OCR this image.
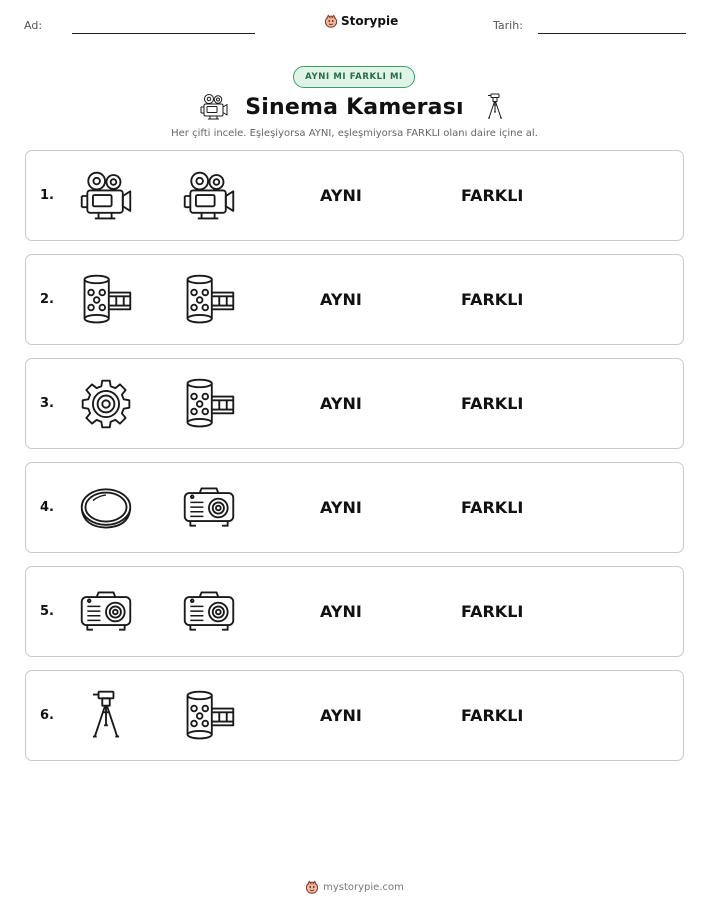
Ad:	Storypie	Tarih:
AYNI MI FARKLI MI
Sinema Kamerası
Her çifti incele. Eşleşiyorsa AYNI, eşleşmiyorsa FARKLI olanı daire içine al.
1.	AYNI	FARKLI
2.	AYNI	FARKLI
3.	AYNI	FARKLI
4.	AYNI	FARKLI
5.	AYNI	FARKLI
6.	AYNI	FARKLI
mystorypie.com
